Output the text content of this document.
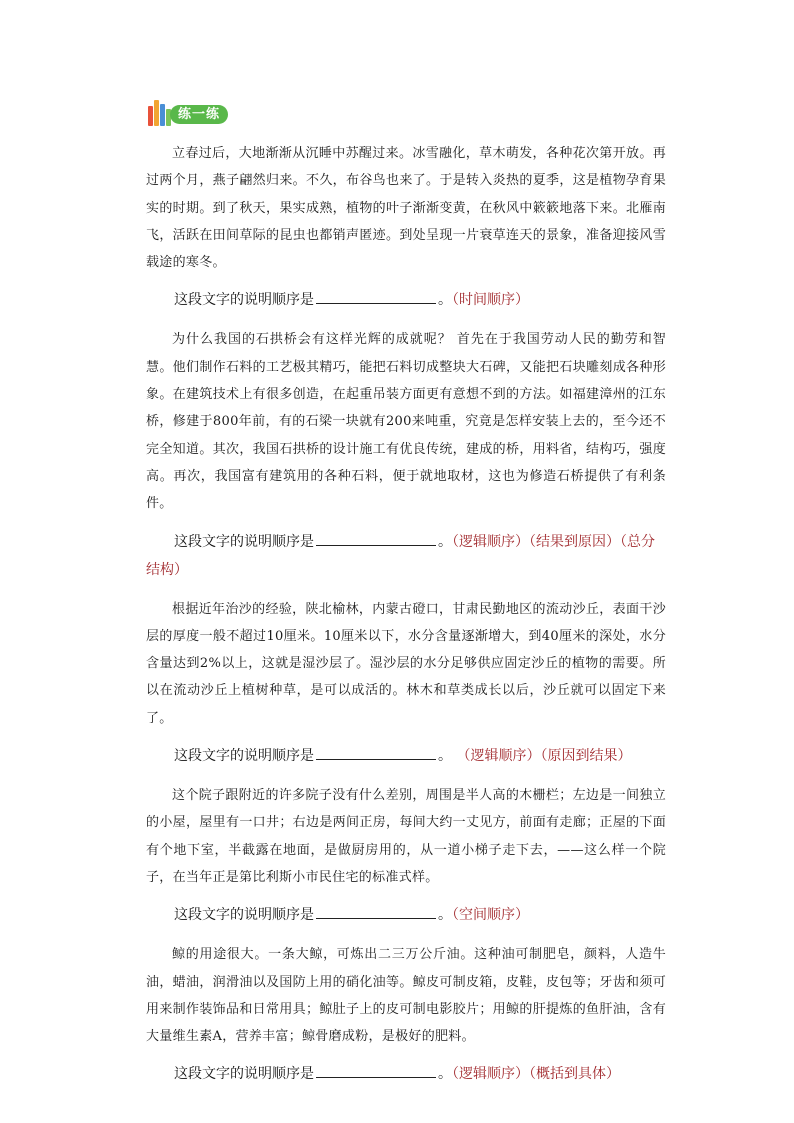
练一练

立春过后，大地渐渐从沉睡中苏醒过来。冰雪融化，草木萌发，各种花次第开放。再过两个月，燕子翩然归来。不久，布谷鸟也来了。于是转入炎热的夏季，这是植物孕育果实的时期。到了秋天，果实成熟，植物的叶子渐渐变黄，在秋风中簌簌地落下来。北雁南飞，活跃在田间草际的昆虫也都销声匿迹。到处呈现一片衰草连天的景象，准备迎接风雪载途的寒冬。

这段文字的说明顺序是	。（时间顺序）

为什么我国的石拱桥会有这样光辉的成就呢？ 首先在于我国劳动人民的勤劳和智慧。他们制作石料的工艺极其精巧，能把石料切成整块大石碑，又能把石块雕刻成各种形象。在建筑技术上有很多创造，在起重吊装方面更有意想不到的方法。如福建漳州的江东桥，修建于800年前，有的石梁一块就有200来吨重，究竟是怎样安装上去的，至今还不完全知道。其次，我国石拱桥的设计施工有优良传统，建成的桥，用料省，结构巧，强度高。再次，我国富有建筑用的各种石料，便于就地取材，这也为修造石桥提供了有利条件。

这段文字的说明顺序是	。（逻辑顺序）（结果到原因）（总分结构）

根据近年治沙的经验，陕北榆林，内蒙古磴口，甘肃民勤地区的流动沙丘，表面干沙层的厚度一般不超过10厘米。10厘米以下，水分含量逐渐增大，到40厘米的深处，水分含量达到2%以上，这就是湿沙层了。湿沙层的水分足够供应固定沙丘的植物的需要。所以在流动沙丘上植树种草，是可以成活的。林木和草类成长以后，沙丘就可以固定下来了。

这段文字的说明顺序是	。 （逻辑顺序）（原因到结果）

这个院子跟附近的许多院子没有什么差别，周围是半人高的木栅栏；左边是一间独立的小屋，屋里有一口井；右边是两间正房，每间大约一丈见方，前面有走廊；正屋的下面有个地下室，半截露在地面，是做厨房用的，从一道小梯子走下去，——这么样一个院子，在当年正是第比利斯小市民住宅的标准式样。

这段文字的说明顺序是	。（空间顺序）

鲸的用途很大。一条大鲸，可炼出二三万公斤油。这种油可制肥皂，颜料，人造牛油，蜡油，润滑油以及国防上用的硝化油等。鲸皮可制皮箱，皮鞋，皮包等；牙齿和须可用来制作装饰品和日常用具；鲸肚子上的皮可制电影胶片；用鲸的肝提炼的鱼肝油，含有大量维生素A，营养丰富；鲸骨磨成粉，是极好的肥料。

这段文字的说明顺序是	。（逻辑顺序）（概括到具体）
